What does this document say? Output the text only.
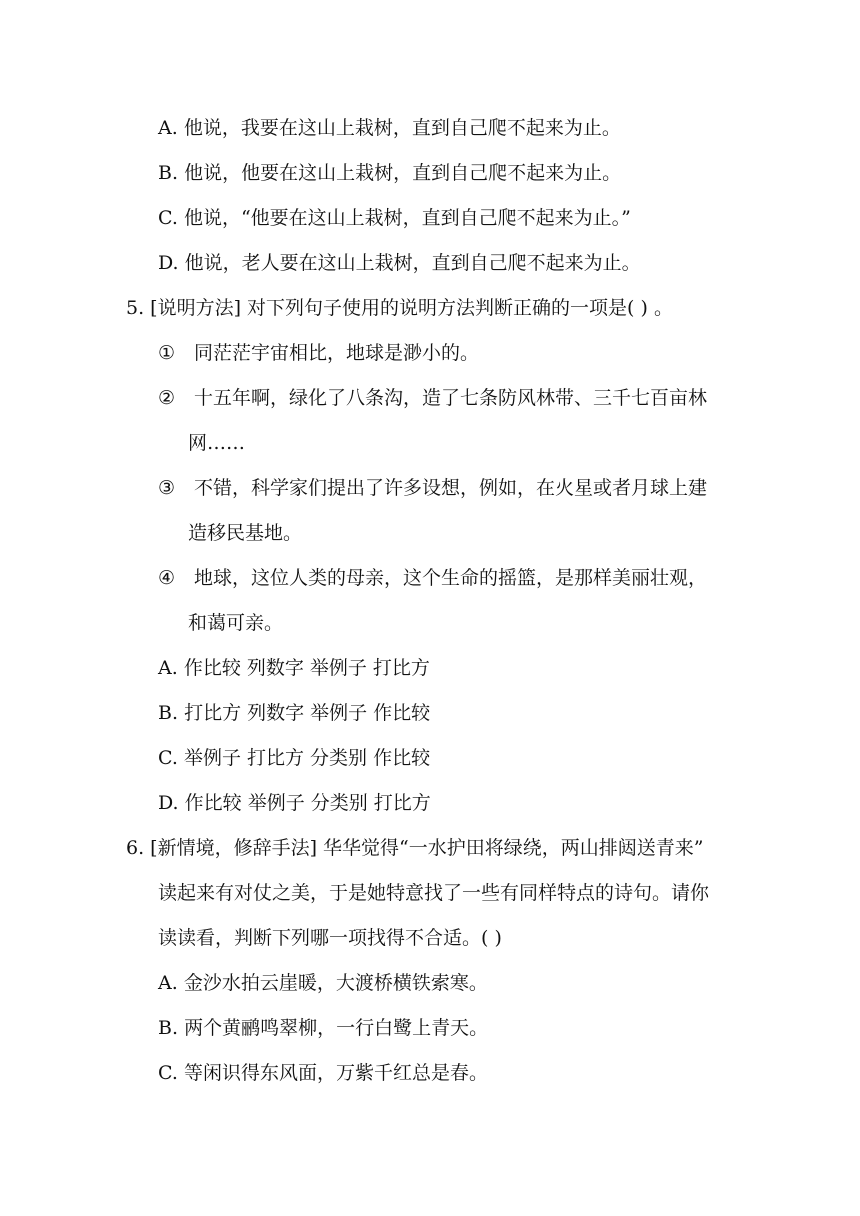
A. 他说，我要在这山上栽树，直到自己爬不起来为止。
B. 他说，他要在这山上栽树，直到自己爬不起来为止。
C. 他说，“他要在这山上栽树，直到自己爬不起来为止。”
D. 他说，老人要在这山上栽树，直到自己爬不起来为止。
5. [说明方法] 对下列句子使用的说明方法判断正确的一项是( ) 。
① 同茫茫宇宙相比，地球是渺小的。
② 十五年啊，绿化了八条沟，造了七条防风林带、三千七百亩林
网……
③ 不错，科学家们提出了许多设想，例如，在火星或者月球上建
造移民基地。
④ 地球，这位人类的母亲，这个生命的摇篮，是那样美丽壮观，
和蔼可亲。
A. 作比较 列数字 举例子 打比方
B. 打比方 列数字 举例子 作比较
C. 举例子 打比方 分类别 作比较
D. 作比较 举例子 分类别 打比方
6. [新情境，修辞手法] 华华觉得“一水护田将绿绕，两山排闼送青来”
读起来有对仗之美，于是她特意找了一些有同样特点的诗句。请你
读读看，判断下列哪一项找得不合适。( )
A. 金沙水拍云崖暖，大渡桥横铁索寒。
B. 两个黄鹂鸣翠柳，一行白鹭上青天。
C. 等闲识得东风面，万紫千红总是春。
